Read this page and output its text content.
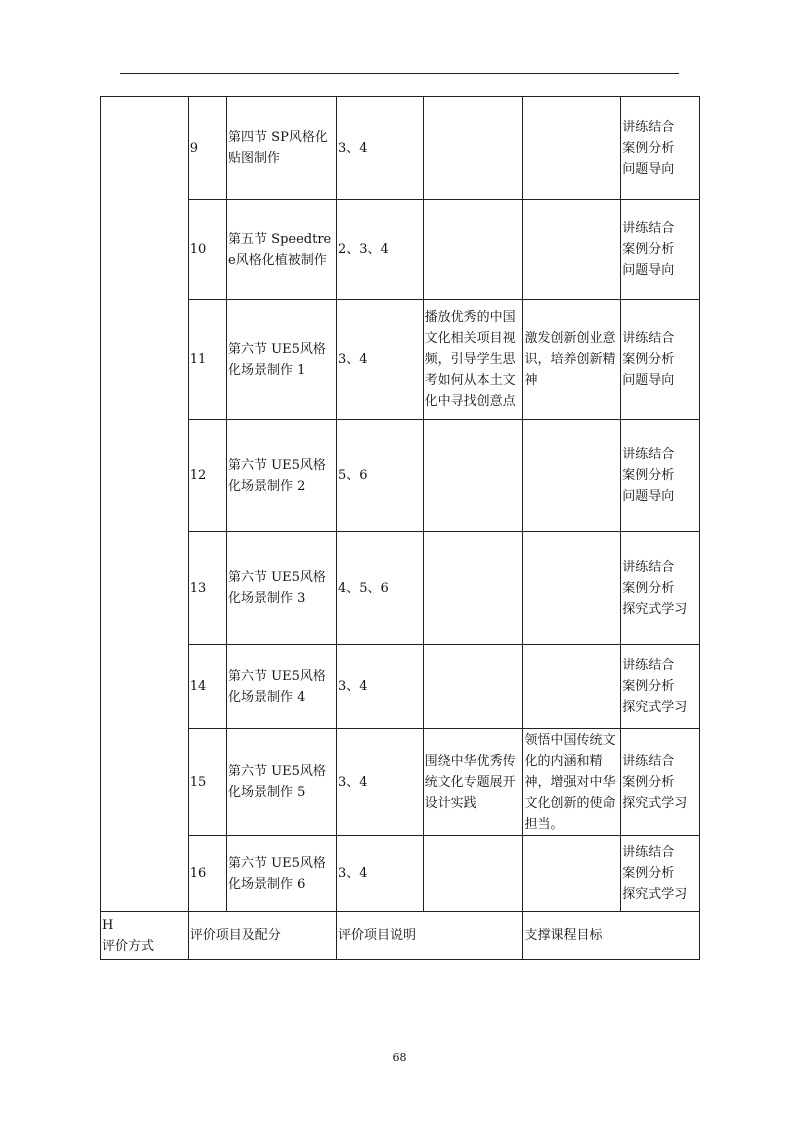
	9	第四节 SP风格化贴图制作	3、4			讲练结合
案例分析
问题导向
	10	第五节 Speedtree风格化植被制作	2、3、4			讲练结合
案例分析
问题导向
	11	第六节 UE5风格化场景制作 1	3、4	播放优秀的中国文化相关项目视频，引导学生思考如何从本土文化中寻找创意点	激发创新创业意识，培养创新精神	讲练结合
案例分析
问题导向
	12	第六节 UE5风格化场景制作 2	5、6			讲练结合
案例分析
问题导向
	13	第六节 UE5风格化场景制作 3	4、5、6			讲练结合
案例分析
探究式学习
	14	第六节 UE5风格化场景制作 4	3、4			讲练结合
案例分析
探究式学习
	15	第六节 UE5风格化场景制作 5	3、4	围绕中华优秀传统文化专题展开设计实践	领悟中国传统文化的内涵和精神，增强对中华文化创新的使命担当。	讲练结合
案例分析
探究式学习
	16	第六节 UE5风格化场景制作 6	3、4			讲练结合
案例分析
探究式学习
H
评价方式	评价项目及配分		评价项目说明		支撑课程目标	
68
